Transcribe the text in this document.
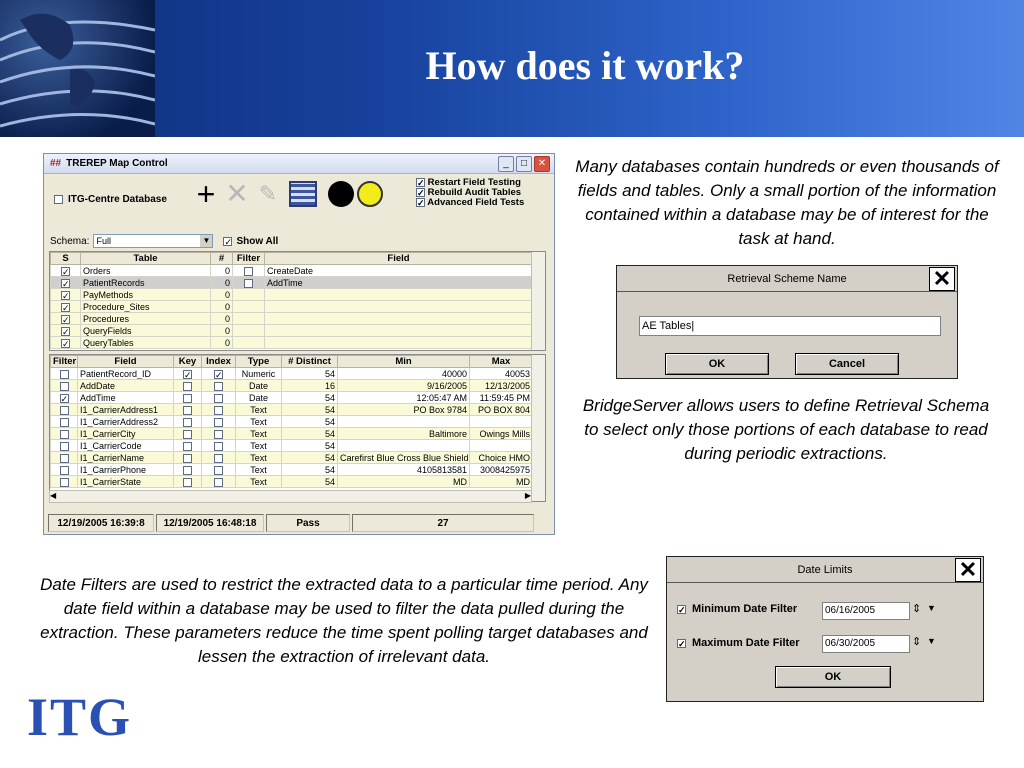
How does it work?
## TREREP Map Control	_	□	✕
ITG-Centre Database + ✕ ✎	✓ Restart Field Testing
✓ Rebuild Audit Tables
✓ Advanced Field Tests
Schema: Full	▼ ✓ Show All
S	Table	#	Filter	Field
✓	Orders	0		CreateDate
✓	PatientRecords	0		AddTime
✓	PayMethods	0		
✓	Procedure_Sites	0		
✓	Procedures	0		
✓	QueryFields	0		
✓	QueryTables	0		
Filter	Field	Key	Index	Type	# Distinct	Min	Max
	PatientRecord_ID	✓	✓	Numeric	54	40000	40053
	AddDate			Date	16	9/16/2005	12/13/2005
✓	AddTime			Date	54	12:05:47 AM	11:59:45 PM
	I1_CarrierAddress1			Text	54	PO Box 9784	PO BOX 804
	I1_CarrierAddress2			Text	54		
	I1_CarrierCity			Text	54	Baltimore	Owings Mills
	I1_CarrierCode			Text	54		
	I1_CarrierName			Text	54	Carefirst Blue Cross Blue Shield	Choice HMO
	I1_CarrierPhone			Text	54	4105813581	3008425975
	I1_CarrierState			Text	54	MD	MD
◀	▶
12/19/2005 16:39:8	12/19/2005 16:48:18	Pass	27
Many databases contain hundreds or even thousands of fields and tables. Only a small portion of the information contained within a database may be of interest for the task at hand.
Retrieval Scheme Name	✕
AE Tables|
OK	Cancel
BridgeServer allows users to define Retrieval Schema to select only those portions of each database to read during periodic extractions.
Date Filters are used to restrict the extracted data to a particular time period. Any date field within a database may be used to filter the data pulled during the extraction. These parameters reduce the time spent polling target databases and lessen the extraction of irrelevant data.
Date Limits	✕
✓ Minimum Date Filter	06/16/2005	⇕ ▼
✓ Maximum Date Filter	06/30/2005	⇕ ▼
OK
ITG
